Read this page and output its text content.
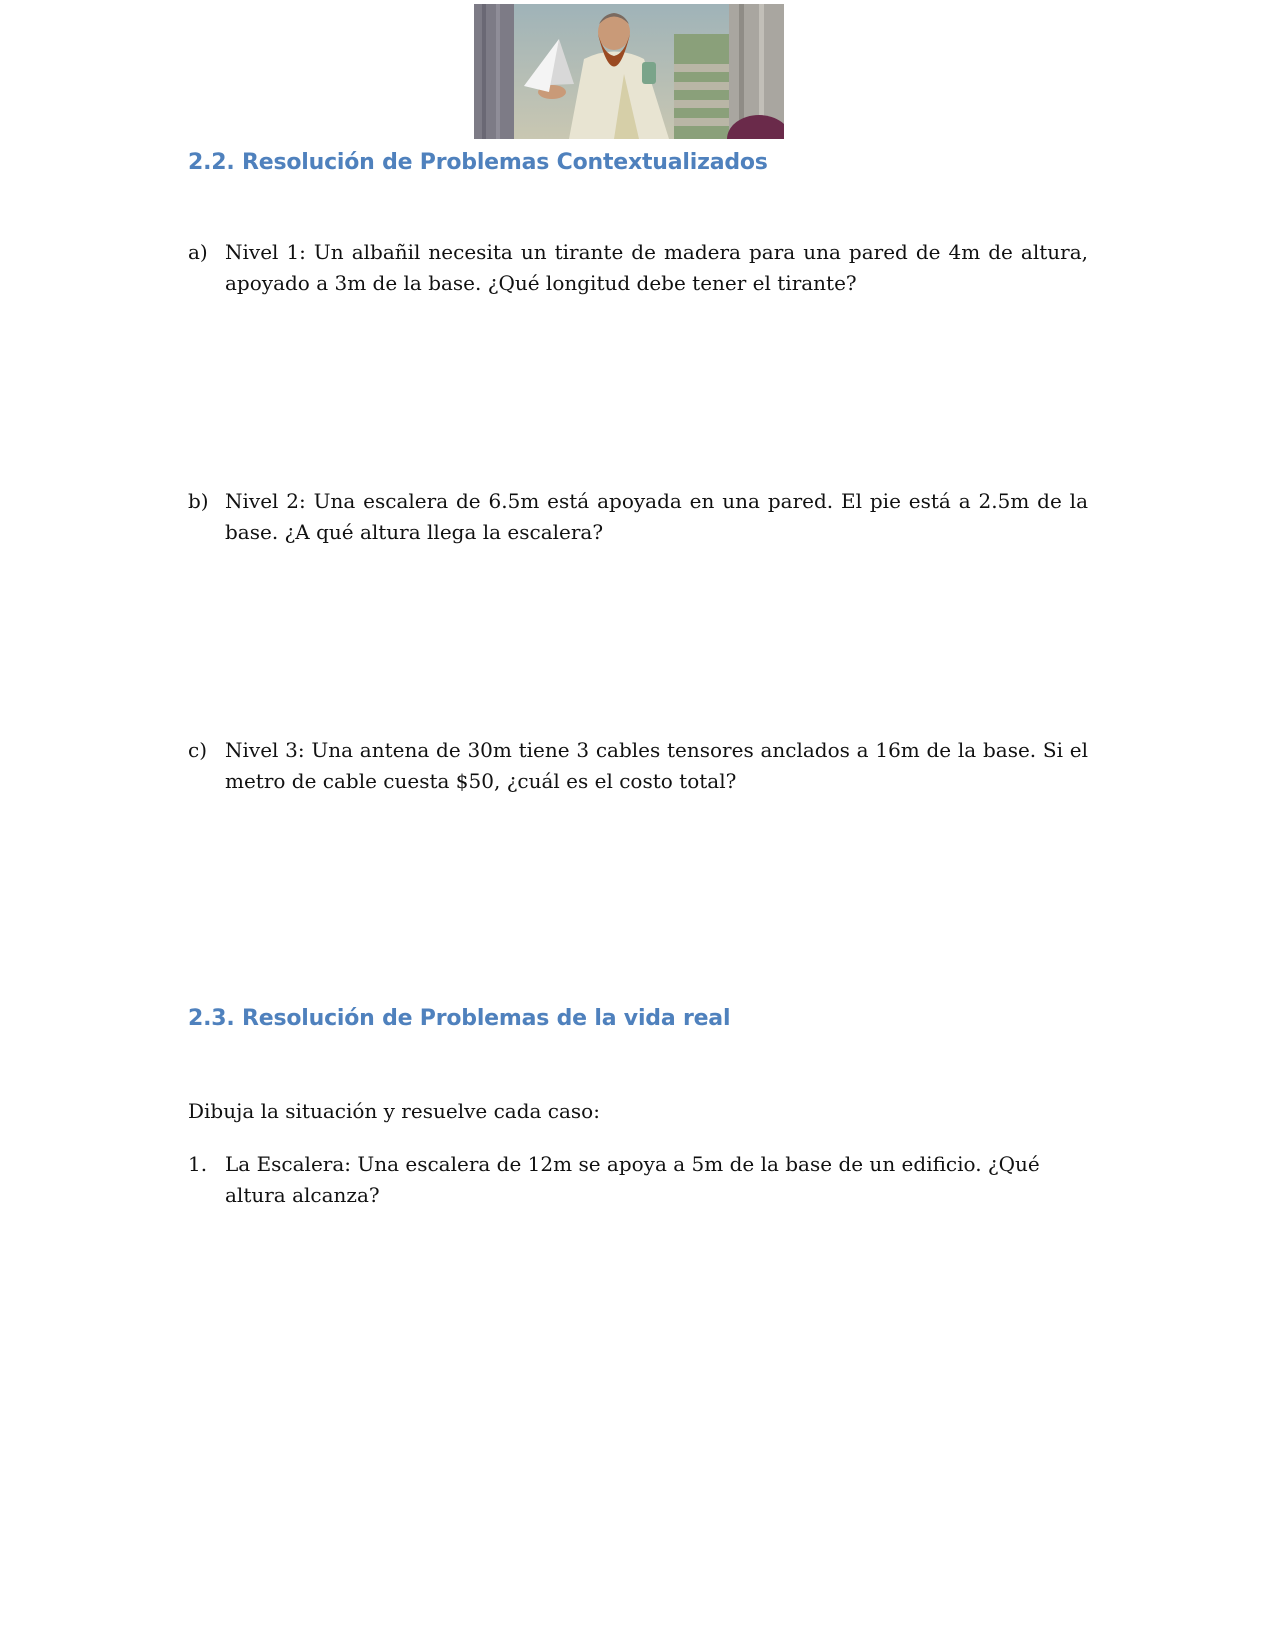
2.2. Resolución de Problemas Contextualizados
a) Nivel 1: Un albañil necesita un tirante de madera para una pared de 4m de altura, apoyado a 3m de la base. ¿Qué longitud debe tener el tirante?
b) Nivel 2: Una escalera de 6.5m está apoyada en una pared. El pie está a 2.5m de la base. ¿A qué altura llega la escalera?
c) Nivel 3: Una antena de 30m tiene 3 cables tensores anclados a 16m de la base. Si el metro de cable cuesta $50, ¿cuál es el costo total?
2.3. Resolución de Problemas de la vida real
Dibuja la situación y resuelve cada caso:
1. La Escalera: Una escalera de 12m se apoya a 5m de la base de un edificio. ¿Qué altura alcanza?
